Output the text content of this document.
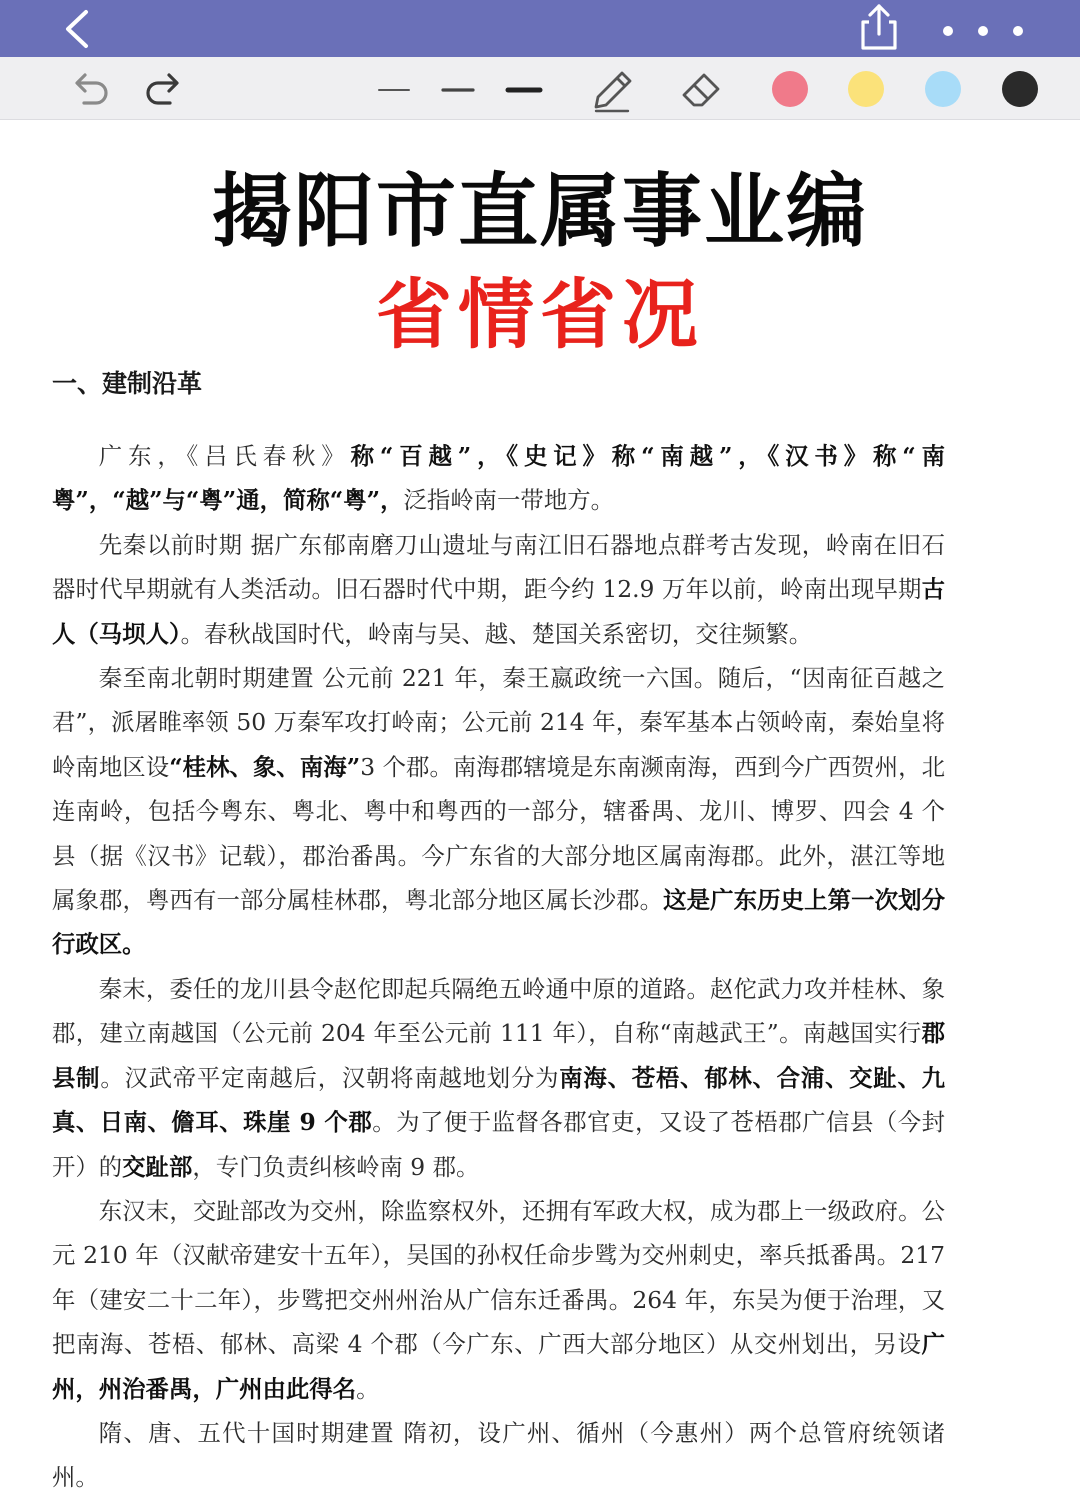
揭阳市直属事业编
省情省况
一、建制沿革

广东，《吕氏春秋》称“百越”，《史记》称“南越”，《汉书》称“南粤”，“越”与“粤”通，简称“粤”，泛指岭南一带地方。

先秦以前时期 据广东郁南磨刀山遗址与南江旧石器地点群考古发现，岭南在旧石器时代早期就有人类活动。旧石器时代中期，距今约 12.9 万年以前，岭南出现早期古人（马坝人）。春秋战国时代，岭南与吴、越、楚国关系密切，交往频繁。

秦至南北朝时期建置 公元前 221 年，秦王嬴政统一六国。随后，“因南征百越之君”，派屠睢率领 50 万秦军攻打岭南；公元前 214 年，秦军基本占领岭南，秦始皇将岭南地区设“桂林、象、南海”3 个郡。南海郡辖境是东南濒南海，西到今广西贺州，北连南岭，包括今粤东、粤北、粤中和粤西的一部分，辖番禺、龙川、博罗、四会 4 个县（据《汉书》记载），郡治番禺。今广东省的大部分地区属南海郡。此外，湛江等地属象郡，粤西有一部分属桂林郡，粤北部分地区属长沙郡。这是广东历史上第一次划分行政区。

秦末，委任的龙川县令赵佗即起兵隔绝五岭通中原的道路。赵佗武力攻并桂林、象郡，建立南越国（公元前 204 年至公元前 111 年），自称“南越武王”。南越国实行郡县制。汉武帝平定南越后，汉朝将南越地划分为南海、苍梧、郁林、合浦、交趾、九真、日南、儋耳、珠崖 9 个郡。为了便于监督各郡官吏，又设了苍梧郡广信县（今封开）的交趾部，专门负责纠核岭南 9 郡。

东汉末，交趾部改为交州，除监察权外，还拥有军政大权，成为郡上一级政府。公元 210 年（汉献帝建安十五年），吴国的孙权任命步骘为交州刺史，率兵抵番禺。217 年（建安二十二年），步骘把交州州治从广信东迁番禺。264 年，东吴为便于治理，又把南海、苍梧、郁林、高梁 4 个郡（今广东、广西大部分地区）从交州划出，另设广州，州治番禺，广州由此得名。

隋、唐、五代十国时期建置 隋初，设广州、循州（今惠州）两个总管府统领诸州。
